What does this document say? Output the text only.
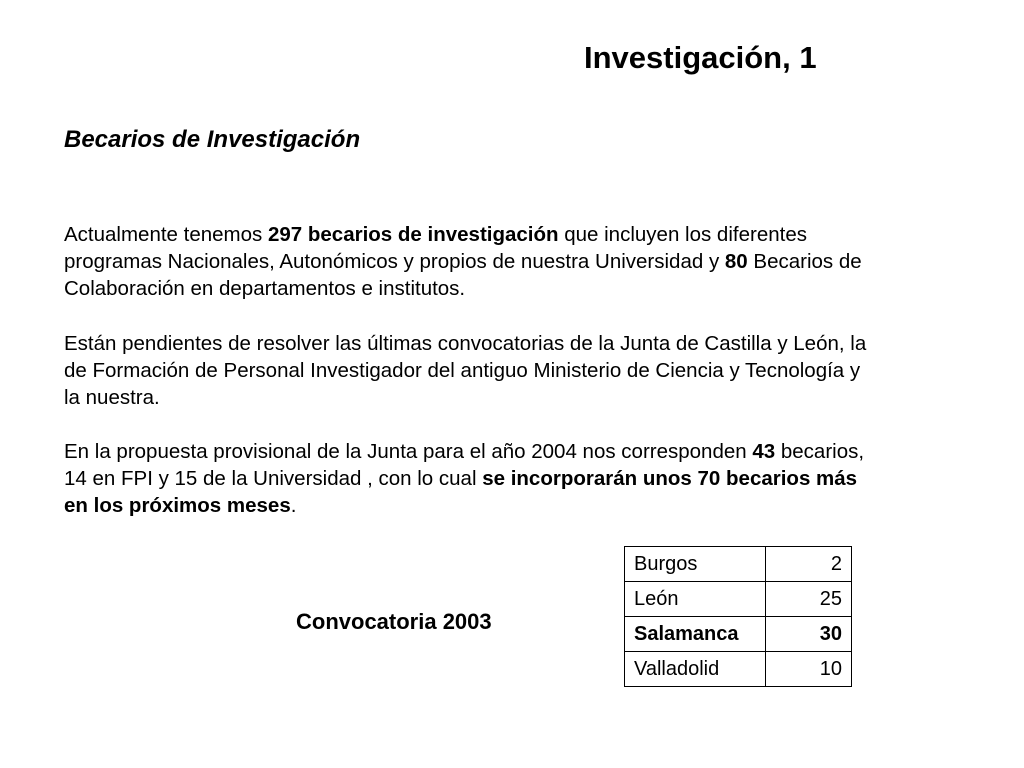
Investigación, 1
Becarios de Investigación

Actualmente tenemos 297 becarios de investigación que incluyen los diferentes
programas Nacionales, Autonómicos y propios de nuestra Universidad y 80 Becarios de
Colaboración en departamentos e institutos.

Están pendientes de resolver las últimas convocatorias de la Junta de Castilla y León, la
de Formación de Personal Investigador del antiguo Ministerio de Ciencia y Tecnología y
la nuestra.

En la propuesta provisional de la Junta para el año 2004 nos corresponden 43 becarios,
14 en FPI y 15 de la Universidad , con lo cual se incorporarán unos 70 becarios más
en los próximos meses.

Convocatoria 2003
Burgos	2
León	25
Salamanca	30
Valladolid	10
